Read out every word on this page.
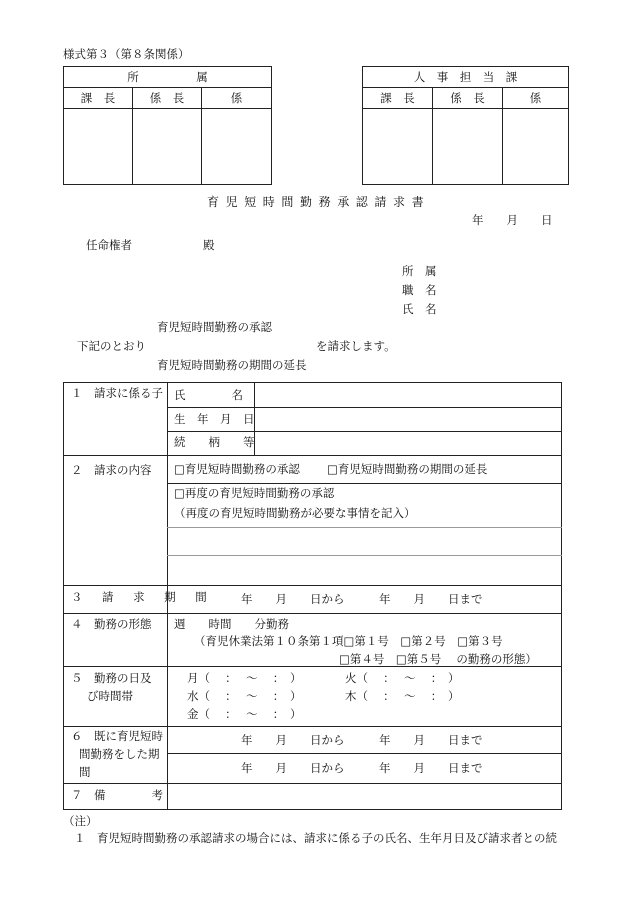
様式第３（第８条関係）
所　　　　　属		
課　長	係　長	係

人　事　担　当　課		
課　長	係　長	係

育児短時間勤務承認請求書
年　　月　　日
任命権者	殿
所　属
職　名
氏　名
育児短時間勤務の承認
下記のとおり	を請求します。
育児短時間勤務の期間の延長
１　請求に係る子 氏　　　　名
生　年　月　日
続　　柄　　等
２　請求の内容 □育児短時間勤務の承認 □育児短時間勤務の期間の延長
□再度の育児短時間勤務の承認
（再度の育児短時間勤務が必要な事情を記入）
３　請　求　期　間	年　　月　　日から　　　年　　月　　日まで
４　勤務の形態 週　　時間　　分勤務
（育児休業法第１０条第１項□第１号　□第２号　□第３号
□第４号　□第５号　 の勤務の形態）
５　勤務の日及
び時間帯
月（　 ：　 〜　 ：　）	火（　 ：　 〜　 ：　）
水（　 ：　 〜　 ：　）	木（　 ：　 〜　 ：　）
金（　 ：　 〜　 ：　）
６　既に育児短時
間勤務をした期
間
年　　月　　日から　　　年　　月　　日まで
年　　月　　日から　　　年　　月　　日まで
７　備　　　　考
（注）
１　育児短時間勤務の承認請求の場合には、請求に係る子の氏名、生年月日及び請求者との続
